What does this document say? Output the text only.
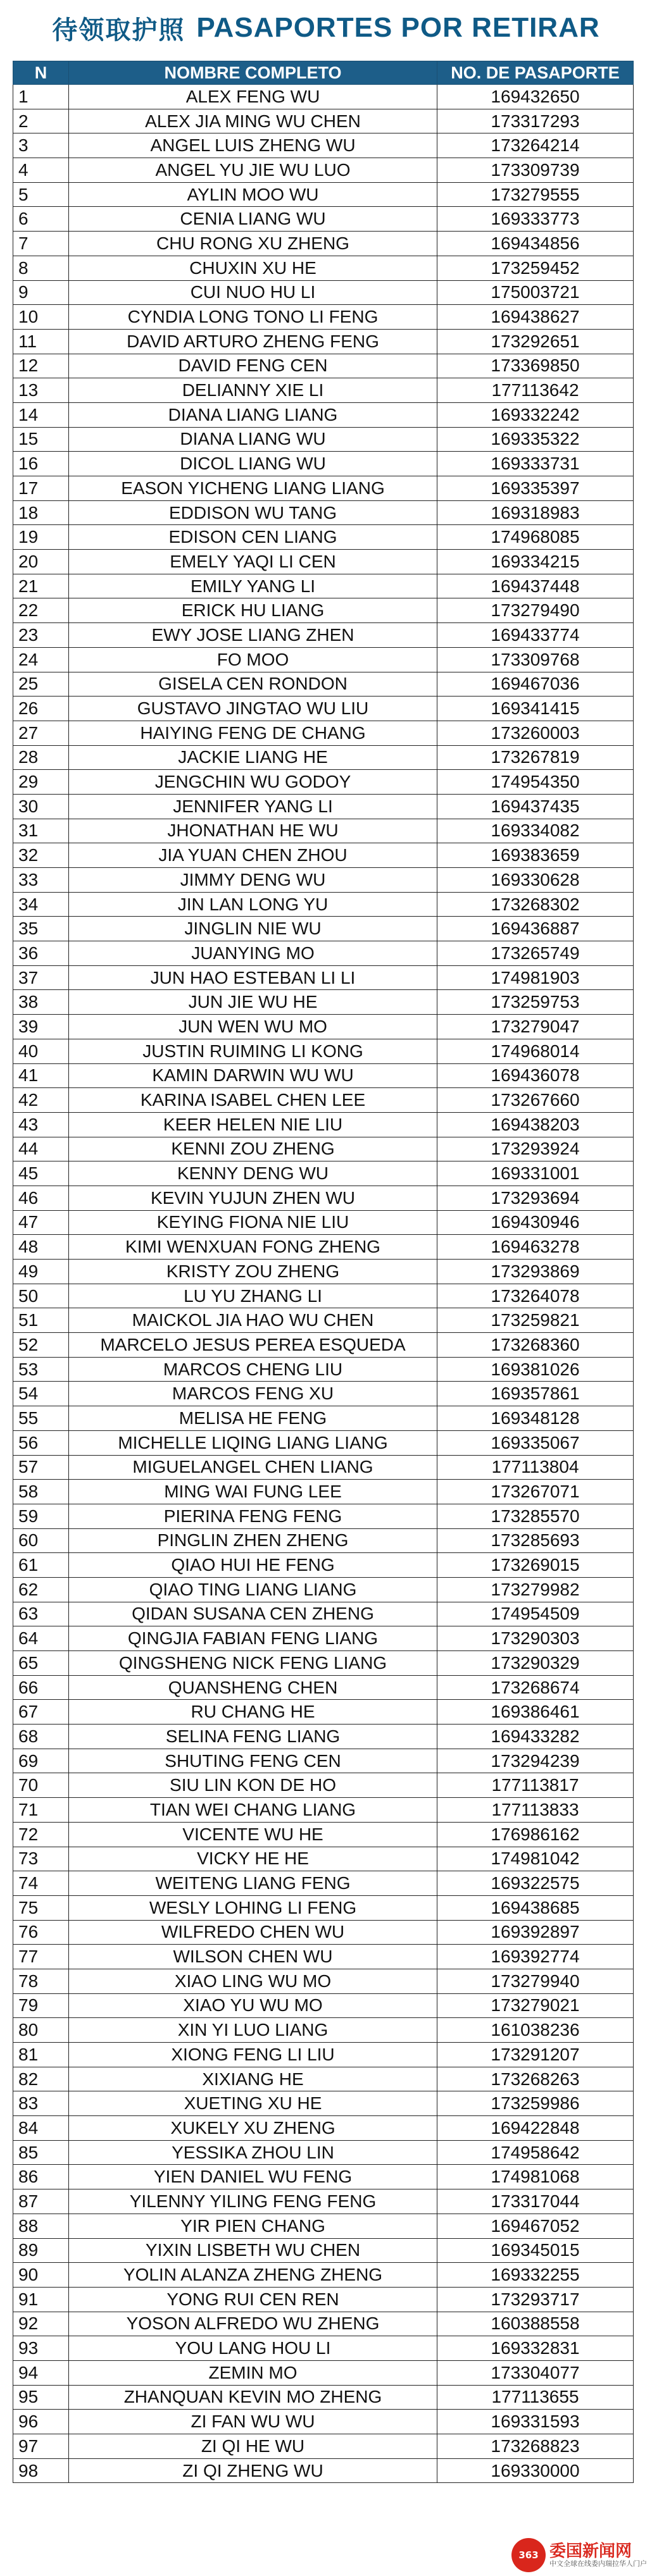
待领取护照 PASAPORTES POR RETIRAR
N	NOMBRE COMPLETO	NO. DE PASAPORTE
1	ALEX FENG WU	169432650
2	ALEX JIA MING WU CHEN	173317293
3	ANGEL LUIS ZHENG WU	173264214
4	ANGEL YU JIE WU LUO	173309739
5	AYLIN MOO WU	173279555
6	CENIA LIANG WU	169333773
7	CHU RONG XU ZHENG	169434856
8	CHUXIN XU HE	173259452
9	CUI NUO HU LI	175003721
10	CYNDIA LONG TONO LI FENG	169438627
11	DAVID ARTURO ZHENG FENG	173292651
12	DAVID FENG CEN	173369850
13	DELIANNY XIE LI	177113642
14	DIANA LIANG LIANG	169332242
15	DIANA LIANG WU	169335322
16	DICOL LIANG WU	169333731
17	EASON YICHENG LIANG LIANG	169335397
18	EDDISON WU TANG	169318983
19	EDISON CEN LIANG	174968085
20	EMELY YAQI LI CEN	169334215
21	EMILY YANG LI	169437448
22	ERICK HU LIANG	173279490
23	EWY JOSE LIANG ZHEN	169433774
24	FO MOO	173309768
25	GISELA CEN RONDON	169467036
26	GUSTAVO JINGTAO WU LIU	169341415
27	HAIYING FENG DE CHANG	173260003
28	JACKIE LIANG HE	173267819
29	JENGCHIN WU GODOY	174954350
30	JENNIFER YANG LI	169437435
31	JHONATHAN HE WU	169334082
32	JIA YUAN CHEN ZHOU	169383659
33	JIMMY DENG WU	169330628
34	JIN LAN LONG YU	173268302
35	JINGLIN NIE WU	169436887
36	JUANYING MO	173265749
37	JUN HAO ESTEBAN LI LI	174981903
38	JUN JIE WU HE	173259753
39	JUN WEN WU MO	173279047
40	JUSTIN RUIMING LI KONG	174968014
41	KAMIN DARWIN WU WU	169436078
42	KARINA ISABEL CHEN LEE	173267660
43	KEER HELEN NIE LIU	169438203
44	KENNI ZOU ZHENG	173293924
45	KENNY DENG WU	169331001
46	KEVIN YUJUN ZHEN WU	173293694
47	KEYING FIONA NIE LIU	169430946
48	KIMI WENXUAN FONG ZHENG	169463278
49	KRISTY ZOU ZHENG	173293869
50	LU YU ZHANG LI	173264078
51	MAICKOL JIA HAO WU CHEN	173259821
52	MARCELO JESUS PEREA ESQUEDA	173268360
53	MARCOS CHENG LIU	169381026
54	MARCOS FENG XU	169357861
55	MELISA HE FENG	169348128
56	MICHELLE LIQING LIANG LIANG	169335067
57	MIGUELANGEL CHEN LIANG	177113804
58	MING WAI FUNG LEE	173267071
59	PIERINA FENG FENG	173285570
60	PINGLIN ZHEN ZHENG	173285693
61	QIAO HUI HE FENG	173269015
62	QIAO TING LIANG LIANG	173279982
63	QIDAN SUSANA CEN ZHENG	174954509
64	QINGJIA FABIAN FENG LIANG	173290303
65	QINGSHENG NICK FENG LIANG	173290329
66	QUANSHENG CHEN	173268674
67	RU CHANG HE	169386461
68	SELINA FENG LIANG	169433282
69	SHUTING FENG CEN	173294239
70	SIU LIN KON DE HO	177113817
71	TIAN WEI CHANG LIANG	177113833
72	VICENTE WU HE	176986162
73	VICKY HE HE	174981042
74	WEITENG LIANG FENG	169322575
75	WESLY LOHING LI FENG	169438685
76	WILFREDO CHEN WU	169392897
77	WILSON CHEN WU	169392774
78	XIAO LING WU MO	173279940
79	XIAO YU WU MO	173279021
80	XIN YI LUO LIANG	161038236
81	XIONG FENG LI LIU	173291207
82	XIXIANG HE	173268263
83	XUETING XU HE	173259986
84	XUKELY XU ZHENG	169422848
85	YESSIKA ZHOU LIN	174958642
86	YIEN DANIEL WU FENG	174981068
87	YILENNY YILING FENG FENG	173317044
88	YIR PIEN CHANG	169467052
89	YIXIN LISBETH WU CHEN	169345015
90	YOLIN ALANZA ZHENG ZHENG	169332255
91	YONG RUI CEN REN	173293717
92	YOSON ALFREDO WU ZHENG	160388558
93	YOU LANG HOU LI	169332831
94	ZEMIN MO	173304077
95	ZHANQUAN KEVIN MO ZHENG	177113655
96	ZI FAN WU WU	169331593
97	ZI QI HE WU	173268823
98	ZI QI ZHENG WU	169330000
363 委国新闻网
中文全球在线委内瑞拉华人门户
